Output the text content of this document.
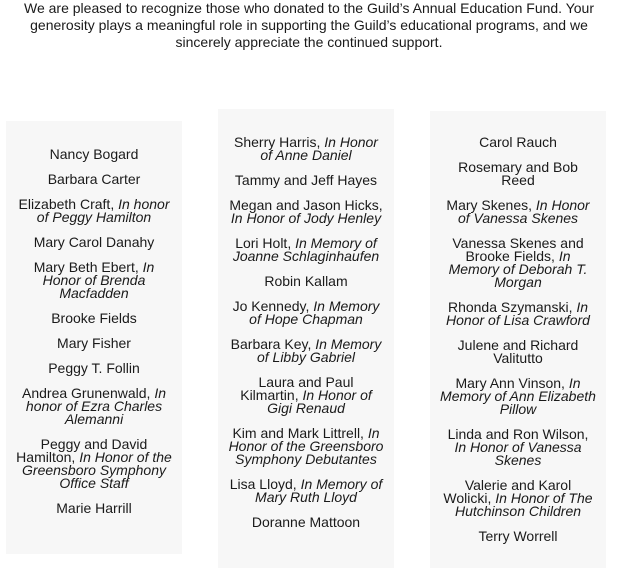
We are pleased to recognize those who donated to the Guild’s Annual Education Fund. Your generosity plays a meaningful role in supporting the Guild’s educational programs, and we sincerely appreciate the continued support.

Nancy Bogard

Barbara Carter

Elizabeth Craft, In honor of Peggy Hamilton

Mary Carol Danahy

Mary Beth Ebert, In Honor of Brenda Macfadden

Brooke Fields

Mary Fisher

Peggy T. Follin

Andrea Grunenwald, In honor of Ezra Charles Alemanni

Peggy and David Hamilton, In Honor of the Greensboro Symphony Office Staff

Marie Harrill

Sherry Harris, In Honor of Anne Daniel

Tammy and Jeff Hayes

Megan and Jason Hicks, In Honor of Jody Henley

Lori Holt, In Memory of Joanne Schlaginhaufen

Robin Kallam

Jo Kennedy, In Memory of Hope Chapman

Barbara Key, In Memory of Libby Gabriel

Laura and Paul Kilmartin, In Honor of Gigi Renaud

Kim and Mark Littrell, In Honor of the Greensboro Symphony Debutantes

Lisa Lloyd, In Memory of Mary Ruth Lloyd

Doranne Mattoon

Carol Rauch

Rosemary and Bob Reed

Mary Skenes, In Honor of Vanessa Skenes

Vanessa Skenes and Brooke Fields, In Memory of Deborah T. Morgan

Rhonda Szymanski, In Honor of Lisa Crawford

Julene and Richard Valitutto

Mary Ann Vinson, In Memory of Ann Elizabeth Pillow

Linda and Ron Wilson, In Honor of Vanessa Skenes

Valerie and Karol Wolicki, In Honor of The Hutchinson Children

Terry Worrell
